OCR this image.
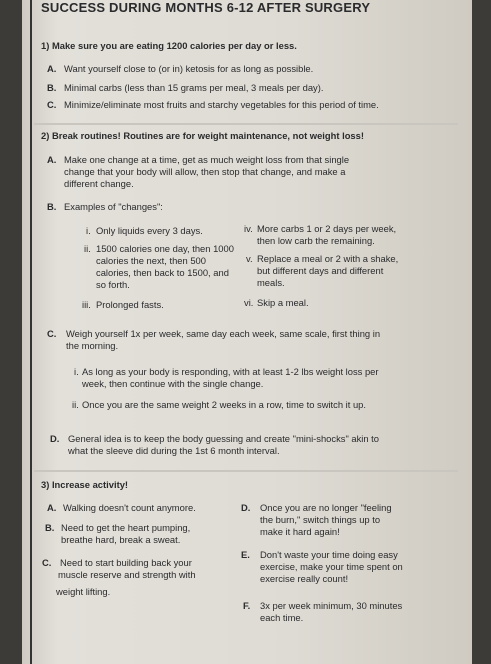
SUCCESS DURING MONTHS 6-12 AFTER SURGERY
1) Make sure you are eating 1200 calories per day or less.
A. Want yourself close to (or in) ketosis for as long as possible.
B. Minimal carbs (less than 15 grams per meal, 3 meals per day).
C. Minimize/eliminate most fruits and starchy vegetables for this period of time.
2) Break routines! Routines are for weight maintenance, not weight loss!
A. Make one change at a time, get as much weight loss from that single
change that your body will allow, then stop that change, and make a
different change.
B. Examples of "changes":
i. Only liquids every 3 days.
ii. 1500 calories one day, then 1000
calories the next, then 500
calories, then back to 1500, and
so forth.
iii. Prolonged fasts.
iv. More carbs 1 or 2 days per week,
then low carb the remaining.
v. Replace a meal or 2 with a shake,
but different days and different
meals.
vi. Skip a meal.
C. Weigh yourself 1x per week, same day each week, same scale, first thing in
the morning.
i. As long as your body is responding, with at least 1-2 lbs weight loss per
week, then continue with the single change.
ii. Once you are the same weight 2 weeks in a row, time to switch it up.
D. General idea is to keep the body guessing and create "mini-shocks" akin to
what the sleeve did during the 1st 6 month interval.
3) Increase activity!
A. Walking doesn't count anymore.
B. Need to get the heart pumping,
breathe hard, break a sweat.
C. Need to start building back your
muscle reserve and strength with
weight lifting.
D. Once you are no longer "feeling
the burn," switch things up to
make it hard again!
E. Don't waste your time doing easy
exercise, make your time spent on
exercise really count!
F. 3x per week minimum, 30 minutes
each time.
